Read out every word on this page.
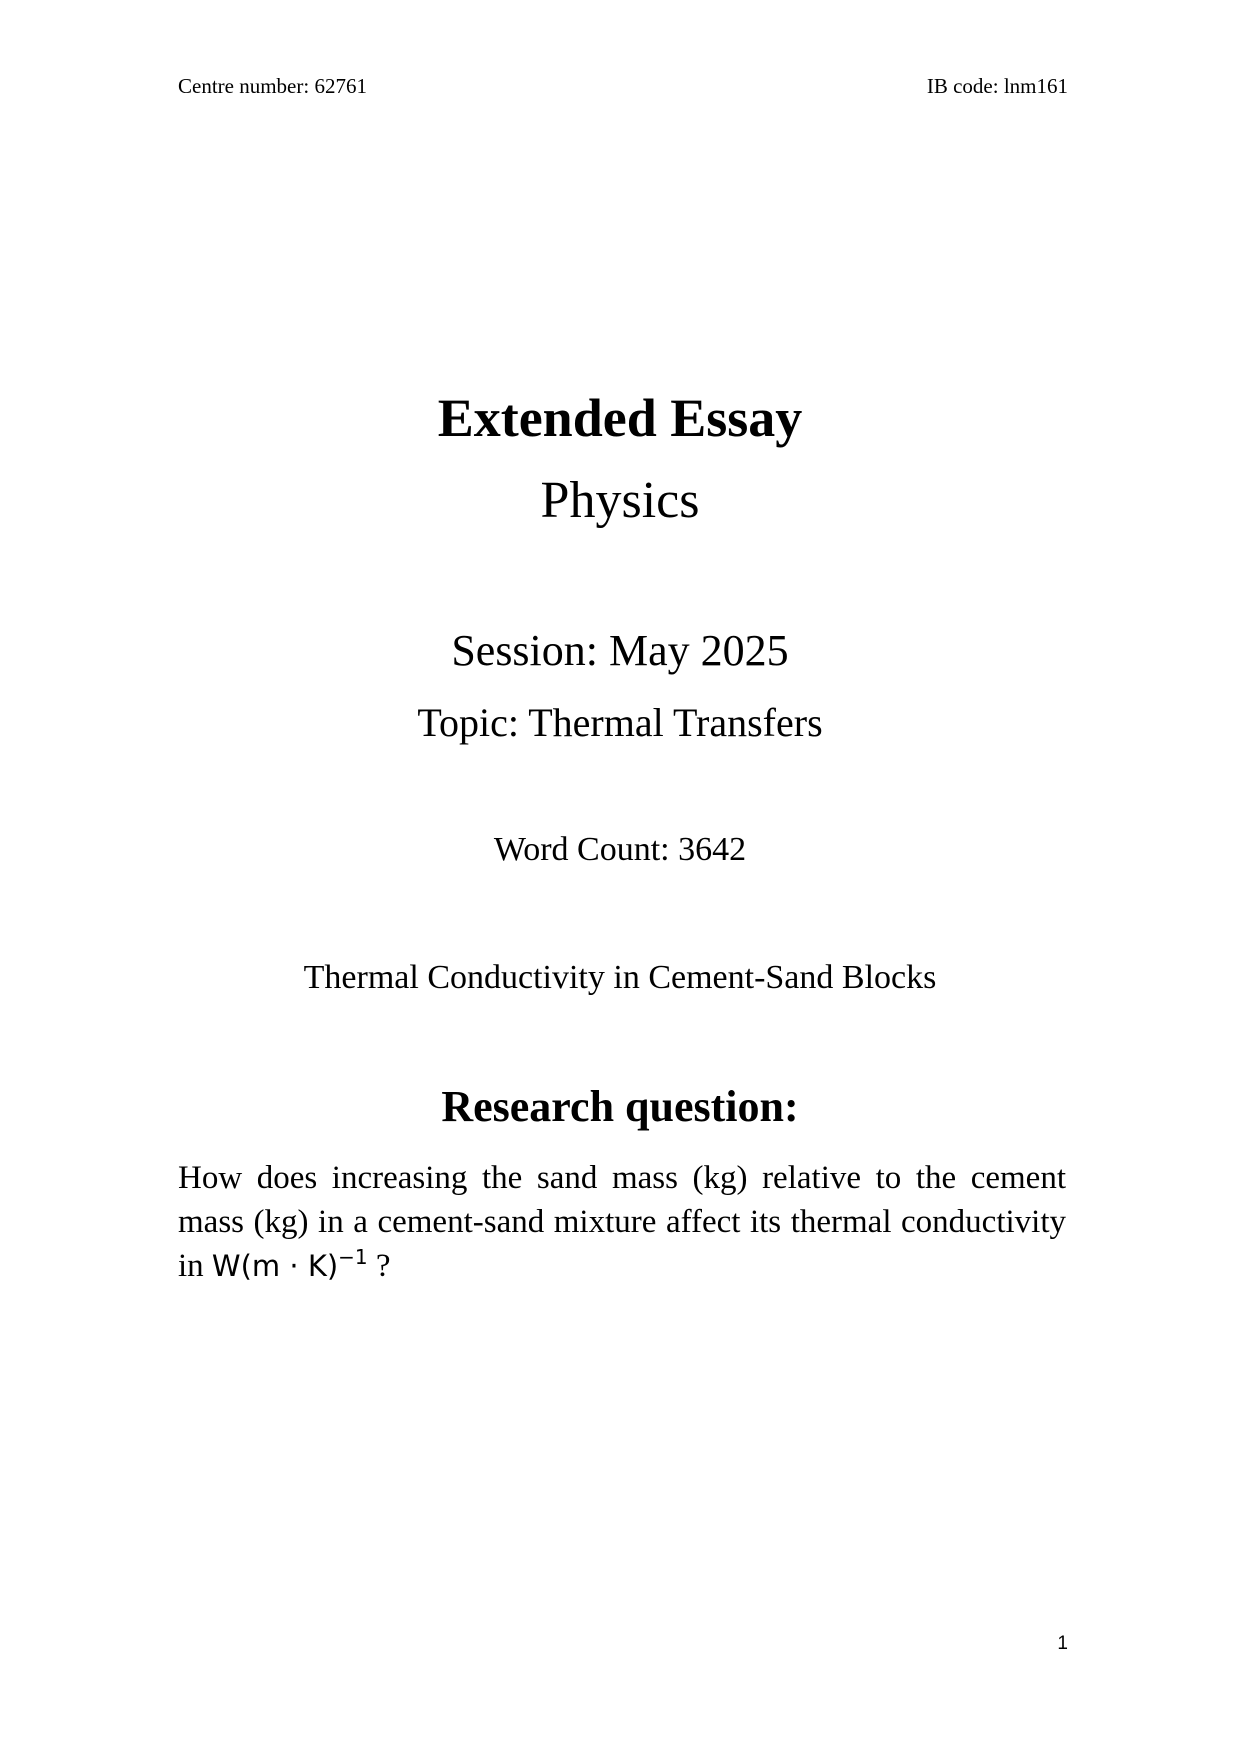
Centre number: 62761	IB code: lnm161
Extended Essay
Physics
Session: May 2025
Topic: Thermal Transfers
Word Count: 3642
Thermal Conductivity in Cement-Sand Blocks
Research question:
How does increasing the sand mass (kg) relative to the cement mass (kg) in a cement-sand mixture affect its thermal conductivity in $W(m \cdot K)^{-1}$ ?
1
